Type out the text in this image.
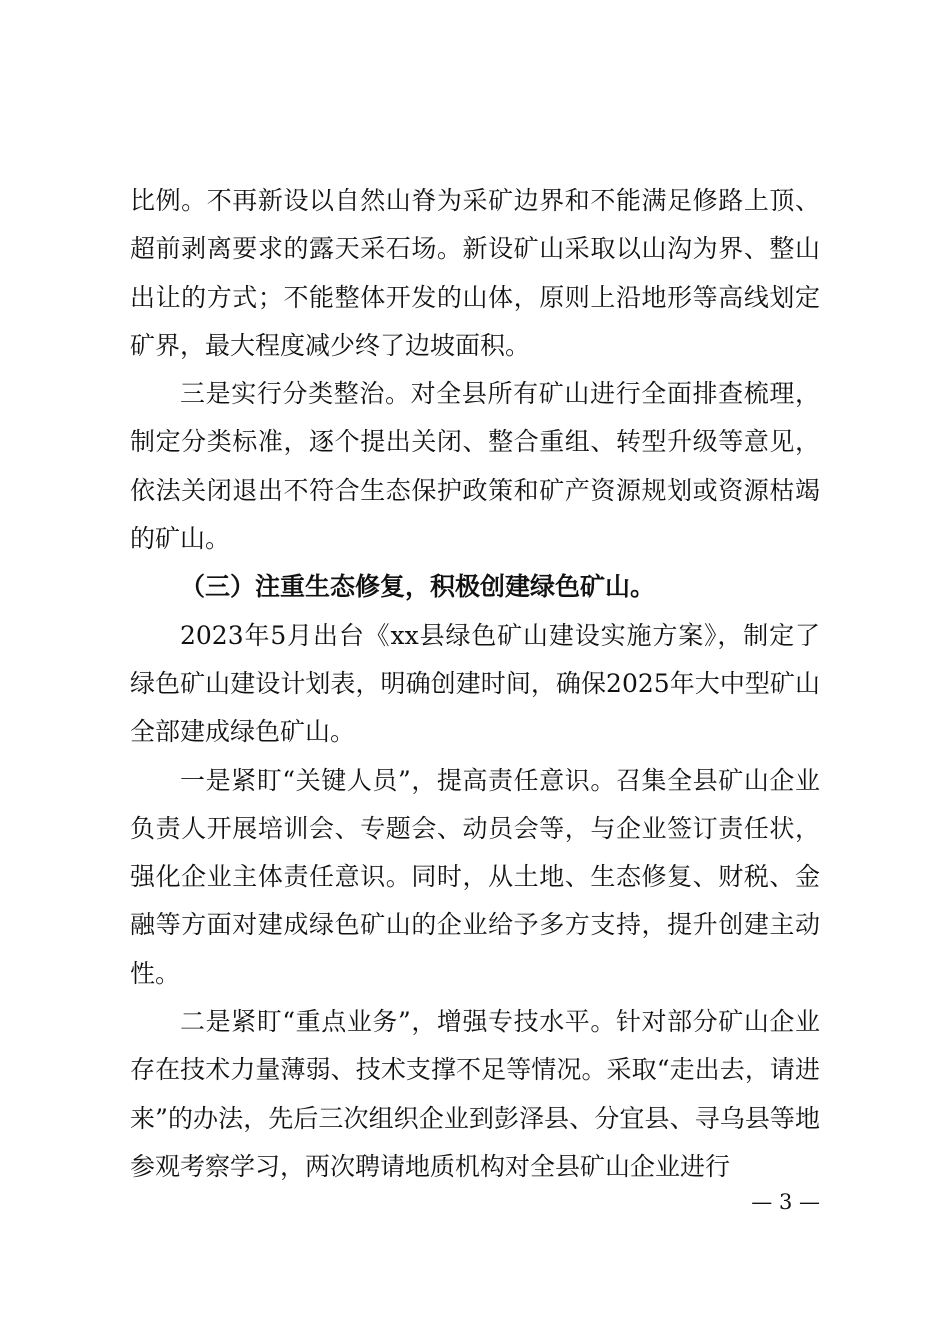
比例。不再新设以自然山脊为采矿边界和不能满足修路上顶、超前剥离要求的露天采石场。新设矿山采取以山沟为界、整山出让的方式；不能整体开发的山体，原则上沿地形等高线划定矿界，最大程度减少终了边坡面积。

三是实行分类整治。对全县所有矿山进行全面排查梳理，制定分类标准，逐个提出关闭、整合重组、转型升级等意见，依法关闭退出不符合生态保护政策和矿产资源规划或资源枯竭的矿山。

（三）注重生态修复，积极创建绿色矿山。

2023年5月出台《xx县绿色矿山建设实施方案》，制定了绿色矿山建设计划表，明确创建时间，确保2025年大中型矿山全部建成绿色矿山。

一是紧盯“关键人员”，提高责任意识。召集全县矿山企业负责人开展培训会、专题会、动员会等，与企业签订责任状，强化企业主体责任意识。同时，从土地、生态修复、财税、金融等方面对建成绿色矿山的企业给予多方支持，提升创建主动性。

二是紧盯“重点业务”，增强专技水平。针对部分矿山企业存在技术力量薄弱、技术支撑不足等情况。采取“走出去，请进来”的办法，先后三次组织企业到彭泽县、分宜县、寻乌县等地参观考察学习，两次聘请地质机构对全县矿山企业进行

— 3 —
